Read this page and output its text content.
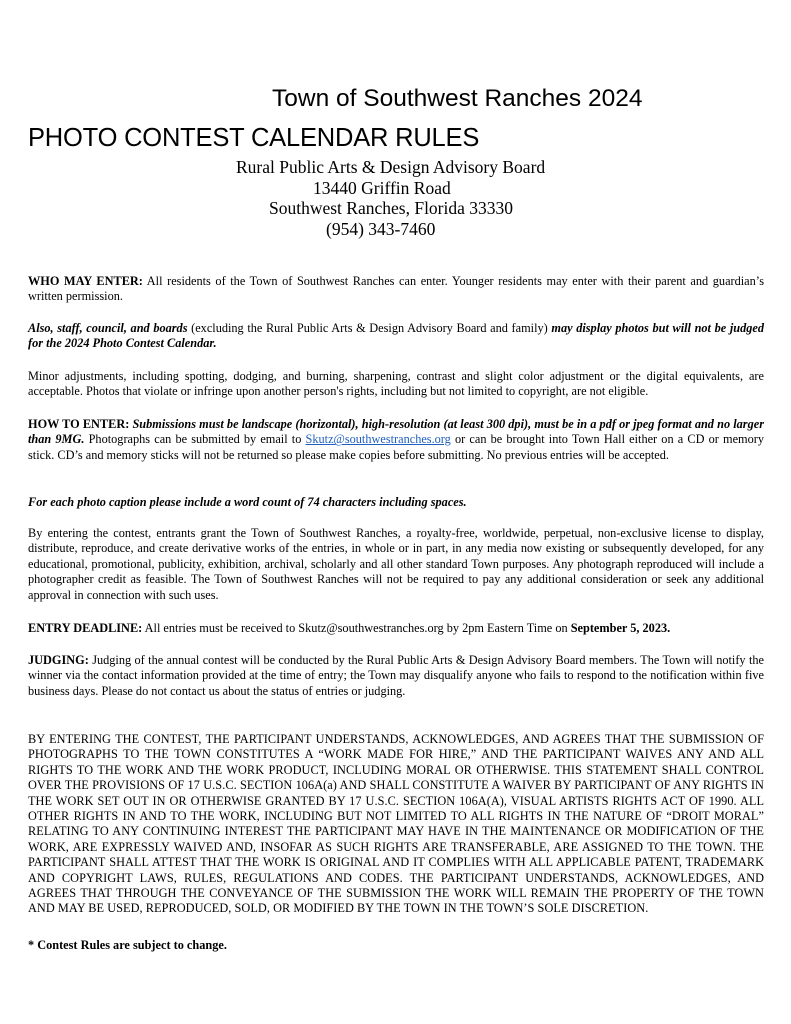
Town of Southwest Ranches 2024
PHOTO CONTEST CALENDAR RULES
Rural Public Arts & Design Advisory Board
13440 Griffin Road
Southwest Ranches, Florida 33330
(954) 343-7460

WHO MAY ENTER: All residents of the Town of Southwest Ranches can enter. Younger residents may enter with their parent and guardian’s written permission.

Also, staff, council, and boards (excluding the Rural Public Arts & Design Advisory Board and family) may display photos but will not be judged for the 2024 Photo Contest Calendar.

Minor adjustments, including spotting, dodging, and burning, sharpening, contrast and slight color adjustment or the digital equivalents, are acceptable. Photos that violate or infringe upon another person's rights, including but not limited to copyright, are not eligible.

HOW TO ENTER: Submissions must be landscape (horizontal), high-resolution (at least 300 dpi), must be in a pdf or jpeg format and no larger than 9MG. Photographs can be submitted by email to Skutz@southwestranches.org or can be brought into Town Hall either on a CD or memory stick. CD’s and memory sticks will not be returned so please make copies before submitting. No previous entries will be accepted.

For each photo caption please include a word count of 74 characters including spaces.

By entering the contest, entrants grant the Town of Southwest Ranches, a royalty-free, worldwide, perpetual, non-exclusive license to display, distribute, reproduce, and create derivative works of the entries, in whole or in part, in any media now existing or subsequently developed, for any educational, promotional, publicity, exhibition, archival, scholarly and all other standard Town purposes. Any photograph reproduced will include a photographer credit as feasible. The Town of Southwest Ranches will not be required to pay any additional consideration or seek any additional approval in connection with such uses.

ENTRY DEADLINE: All entries must be received to Skutz@southwestranches.org by 2pm Eastern Time on September 5, 2023.

JUDGING: Judging of the annual contest will be conducted by the Rural Public Arts & Design Advisory Board members. The Town will notify the winner via the contact information provided at the time of entry; the Town may disqualify anyone who fails to respond to the notification within five business days. Please do not contact us about the status of entries or judging.

BY ENTERING THE CONTEST, THE PARTICIPANT UNDERSTANDS, ACKNOWLEDGES, AND AGREES THAT THE SUBMISSION OF PHOTOGRAPHS TO THE TOWN CONSTITUTES A “WORK MADE FOR HIRE,” AND THE PARTICIPANT WAIVES ANY AND ALL RIGHTS TO THE WORK AND THE WORK PRODUCT, INCLUDING MORAL OR OTHERWISE. THIS STATEMENT SHALL CONTROL OVER THE PROVISIONS OF 17 U.S.C. SECTION 106A(a) AND SHALL CONSTITUTE A WAIVER BY PARTICIPANT OF ANY RIGHTS IN THE WORK SET OUT IN OR OTHERWISE GRANTED BY 17 U.S.C. SECTION 106A(A), VISUAL ARTISTS RIGHTS ACT OF 1990. ALL OTHER RIGHTS IN AND TO THE WORK, INCLUDING BUT NOT LIMITED TO ALL RIGHTS IN THE NATURE OF “DROIT MORAL” RELATING TO ANY CONTINUING INTEREST THE PARTICIPANT MAY HAVE IN THE MAINTENANCE OR MODIFICATION OF THE WORK, ARE EXPRESSLY WAIVED AND, INSOFAR AS SUCH RIGHTS ARE TRANSFERABLE, ARE ASSIGNED TO THE TOWN. THE PARTICIPANT SHALL ATTEST THAT THE WORK IS ORIGINAL AND IT COMPLIES WITH ALL APPLICABLE PATENT, TRADEMARK AND COPYRIGHT LAWS, RULES, REGULATIONS AND CODES. THE PARTICIPANT UNDERSTANDS, ACKNOWLEDGES, AND AGREES THAT THROUGH THE CONVEYANCE OF THE SUBMISSION THE WORK WILL REMAIN THE PROPERTY OF THE TOWN AND MAY BE USED, REPRODUCED, SOLD, OR MODIFIED BY THE TOWN IN THE TOWN’S SOLE DISCRETION.

* Contest Rules are subject to change.
